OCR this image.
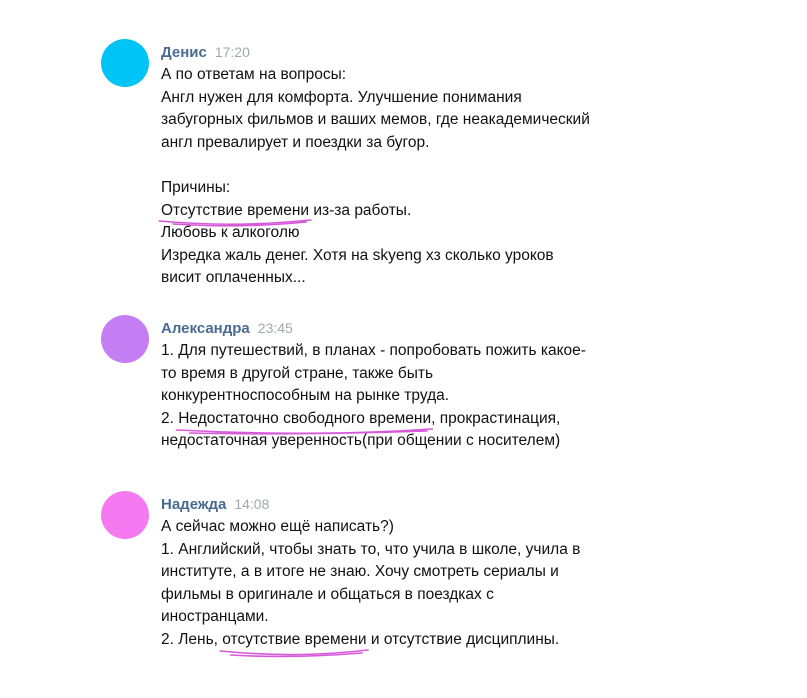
Денис 17:20
А по ответам на вопросы:
Англ нужен для комфорта. Улучшение понимания
забугорных фильмов и ваших мемов, где неакадемический
англ превалирует и поездки за бугор.
Причины:
Отсутствие времени
из-за работы.
Любовь к алкоголю
Изредка жаль денег. Хотя на skyeng хз сколько уроков
висит оплаченных...
Александра 23:45
1. Для путешествий, в планах - попробовать пожить какое-
то время в другой стране, также быть
конкурентноспособным на рынке труда.
2. Недостаточно свободного времени
, прокрастинация,
недостаточная уверенность(при общении с носителем)
Надежда 14:08
А сейчас можно ещё написать?)
1. Английский, чтобы знать то, что учила в школе, учила в
институте, а в итоге не знаю. Хочу смотреть сериалы и
фильмы в оригинале и общаться в поездках с
иностранцами.
2. Лень, отсутствие времени
и отсутствие дисциплины.
